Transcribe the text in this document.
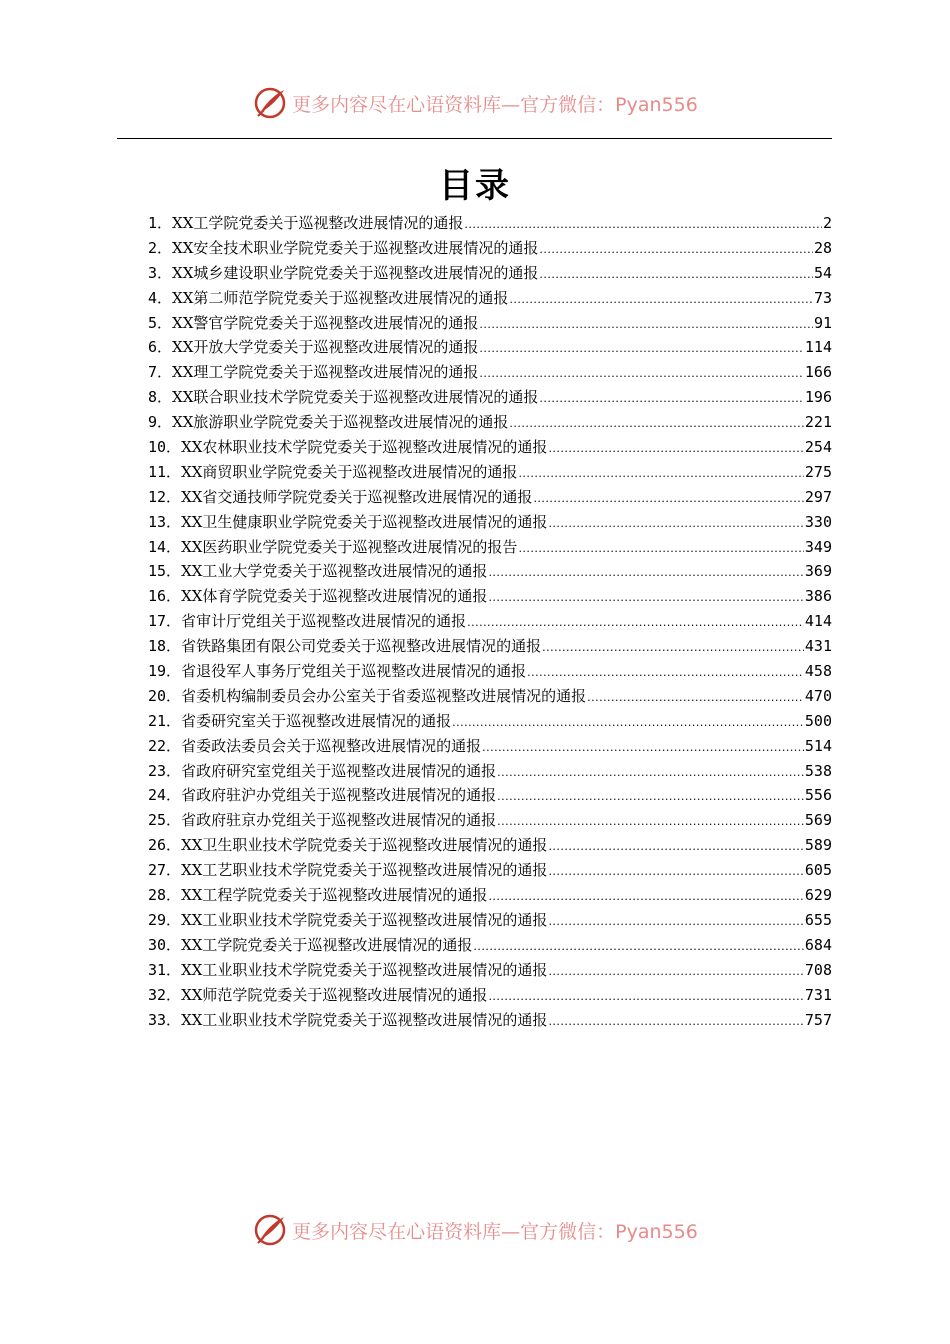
更多内容尽在心语资料库—官方微信：Pyan556
目录
1． XX工学院党委关于巡视整改进展情况的通报 .....	2
2． XX安全技术职业学院党委关于巡视整改进展情况的通报 .....	28
3． XX城乡建设职业学院党委关于巡视整改进展情况的通报 .....	54
4． XX第二师范学院党委关于巡视整改进展情况的通报 .....	73
5． XX警官学院党委关于巡视整改进展情况的通报 .....	91
6． XX开放大学党委关于巡视整改进展情况的通报 .....	114
7． XX理工学院党委关于巡视整改进展情况的通报 .....	166
8． XX联合职业技术学院党委关于巡视整改进展情况的通报 .....	196
9． XX旅游职业学院党委关于巡视整改进展情况的通报 .....	221
10． XX农林职业技术学院党委关于巡视整改进展情况的通报 .....	254
11． XX商贸职业学院党委关于巡视整改进展情况的通报 .....	275
12． XX省交通技师学院党委关于巡视整改进展情况的通报 .....	297
13． XX卫生健康职业学院党委关于巡视整改进展情况的通报 .....	330
14． XX医药职业学院党委关于巡视整改进展情况的报告 .....	349
15． XX工业大学党委关于巡视整改进展情况的通报 .....	369
16． XX体育学院党委关于巡视整改进展情况的通报 .....	386
17． 省审计厅党组关于巡视整改进展情况的通报 .....	414
18． 省铁路集团有限公司党委关于巡视整改进展情况的通报 .....	431
19． 省退役军人事务厅党组关于巡视整改进展情况的通报 .....	458
20． 省委机构编制委员会办公室关于省委巡视整改进展情况的通报 .....	470
21． 省委研究室关于巡视整改进展情况的通报 .....	500
22． 省委政法委员会关于巡视整改进展情况的通报 .....	514
23． 省政府研究室党组关于巡视整改进展情况的通报 .....	538
24． 省政府驻沪办党组关于巡视整改进展情况的通报 .....	556
25． 省政府驻京办党组关于巡视整改进展情况的通报 .....	569
26． XX卫生职业技术学院党委关于巡视整改进展情况的通报 .....	589
27． XX工艺职业技术学院党委关于巡视整改进展情况的通报 .....	605
28． XX工程学院党委关于巡视整改进展情况的通报 .....	629
29． XX工业职业技术学院党委关于巡视整改进展情况的通报 .....	655
30． XX工学院党委关于巡视整改进展情况的通报 .....	684
31． XX工业职业技术学院党委关于巡视整改进展情况的通报 .....	708
32． XX师范学院党委关于巡视整改进展情况的通报 .....	731
33． XX工业职业技术学院党委关于巡视整改进展情况的通报 .....	757
更多内容尽在心语资料库—官方微信：Pyan556
